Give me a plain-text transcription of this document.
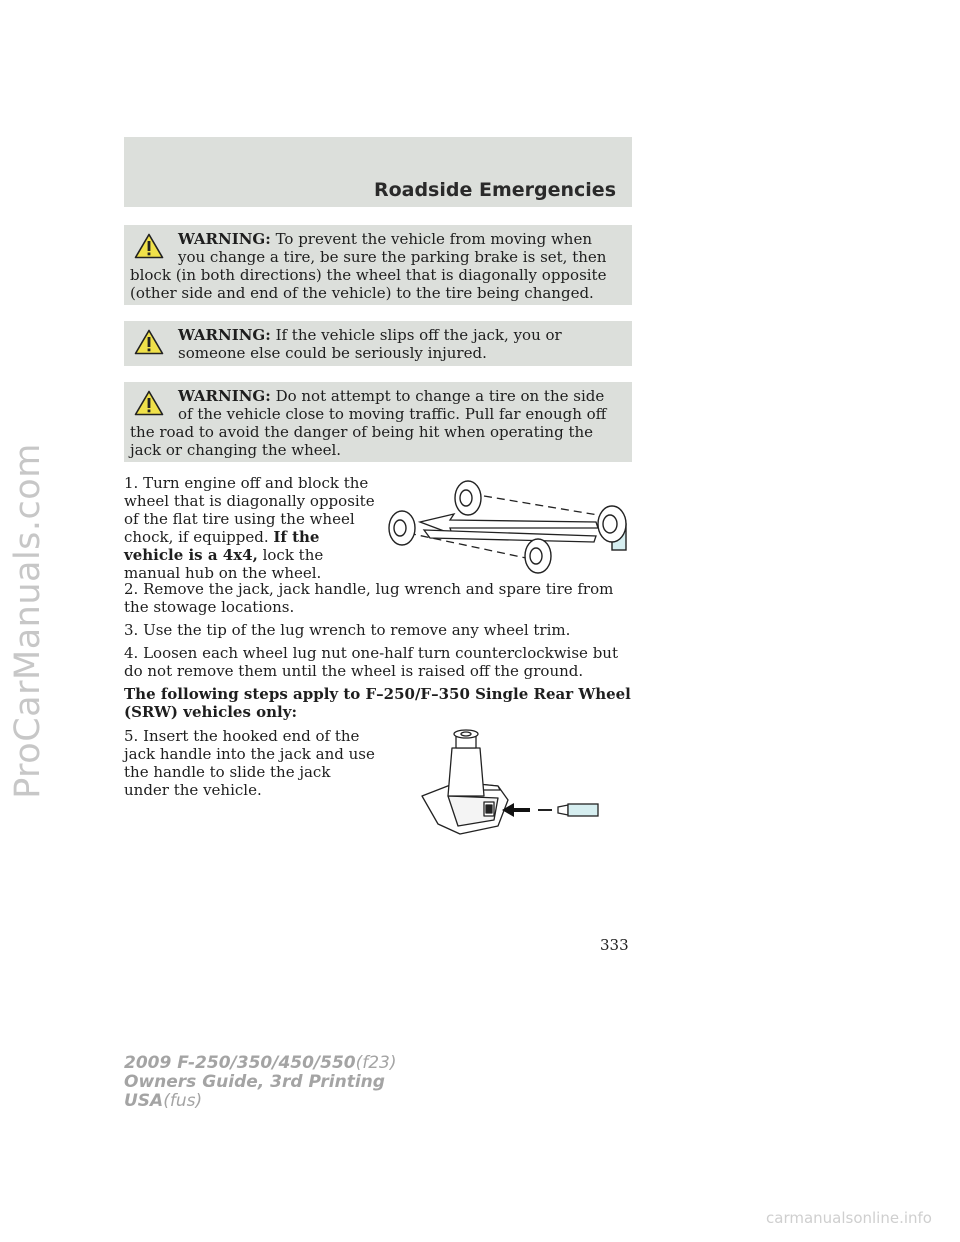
ProCarManuals.com
Roadside Emergencies
WARNING: To prevent the vehicle from moving when you change a tire, be sure the parking brake is set, then block (in both directions) the wheel that is diagonally opposite (other side and end of the vehicle) to the tire being changed.
WARNING: If the vehicle slips off the jack, you or someone else could be seriously injured.
WARNING: Do not attempt to change a tire on the side of the vehicle close to moving traffic. Pull far enough off the road to avoid the danger of being hit when operating the jack or changing the wheel.

1. Turn engine off and block the wheel that is diagonally opposite of the flat tire using the wheel chock, if equipped. If the vehicle is a 4x4, lock the manual hub on the wheel.

2. Remove the jack, jack handle, lug wrench and spare tire from the stowage locations.

3. Use the tip of the lug wrench to remove any wheel trim.

4. Loosen each wheel lug nut one-half turn counterclockwise but do not remove them until the wheel is raised off the ground.

The following steps apply to F–250/F–350 Single Rear Wheel (SRW) vehicles only:

5. Insert the hooked end of the jack handle into the jack and use the handle to slide the jack under the vehicle.

333
2009 F-250/350/450/550(f23)
Owners Guide, 3rd Printing
USA(fus)
carmanualsonline.info
